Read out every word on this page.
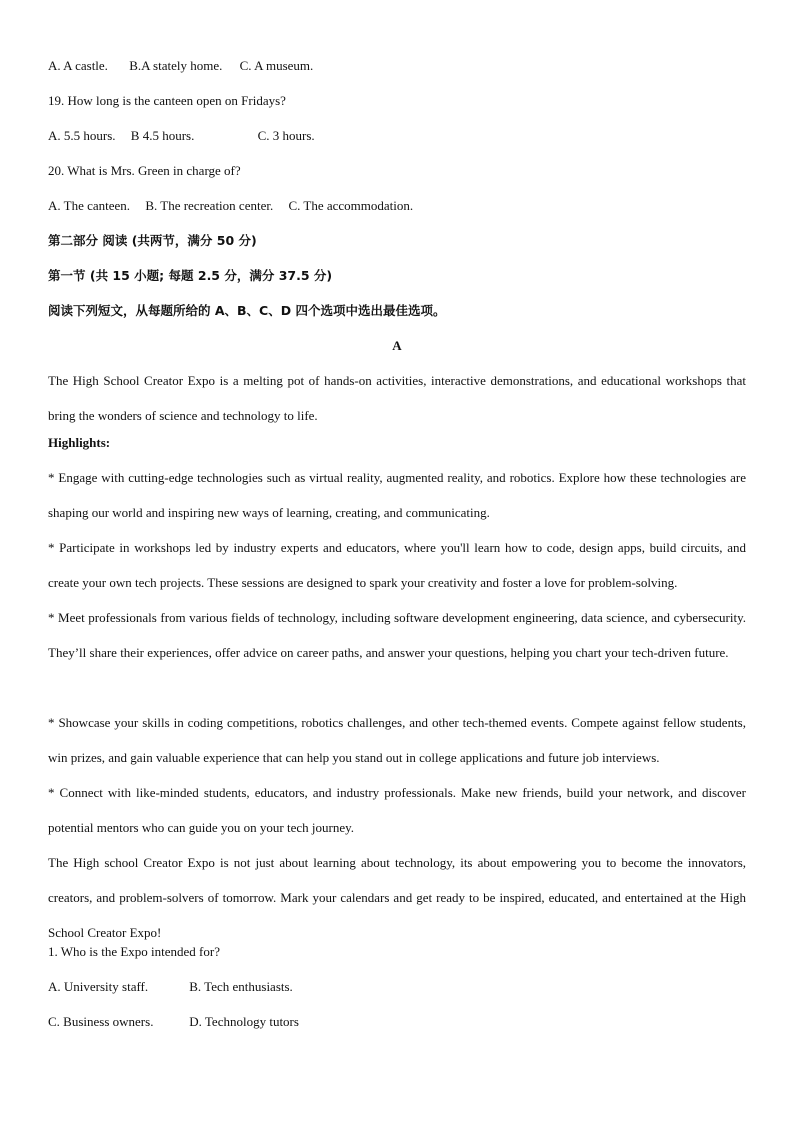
A. A castle. B.A stately home. C. A museum.
19. How long is the canteen open on Fridays?
A. 5.5 hours. B 4.5 hours.	C. 3 hours.
20. What is Mrs. Green in charge of?
A. The canteen. B. The recreation center. C. The accommodation.
第二部分 阅读 (共两节，满分 50 分)
第一节 (共 15 小题; 每题 2.5 分，满分 37.5 分)
阅读下列短文，从每题所给的 A、B、C、D 四个选项中选出最佳选项。
A
The High School Creator Expo is a melting pot of hands-on activities, interactive demonstrations, and educational workshops that bring the wonders of science and technology to life.
Highlights:
* Engage with cutting-edge technologies such as virtual reality, augmented reality, and robotics. Explore how these technologies are shaping our world and inspiring new ways of learning, creating, and communicating.
* Participate in workshops led by industry experts and educators, where you'll learn how to code, design apps, build circuits, and create your own tech projects. These sessions are designed to spark your creativity and foster a love for problem-solving.
* Meet professionals from various fields of technology, including software development engineering, data science, and cybersecurity. They’ll share their experiences, offer advice on career paths, and answer your questions, helping you chart your tech-driven future.
* Showcase your skills in coding competitions, robotics challenges, and other tech-themed events. Compete against fellow students, win prizes, and gain valuable experience that can help you stand out in college applications and future job interviews.
* Connect with like-minded students, educators, and industry professionals. Make new friends, build your network, and discover potential mentors who can guide you on your tech journey.
The High school Creator Expo is not just about learning about technology, its about empowering you to become the innovators, creators, and problem-solvers of tomorrow. Mark your calendars and get ready to be inspired, educated, and entertained at the High School Creator Expo!
1. Who is the Expo intended for?
A. University staff.	B. Tech enthusiasts.
C. Business owners.	D. Technology tutors
